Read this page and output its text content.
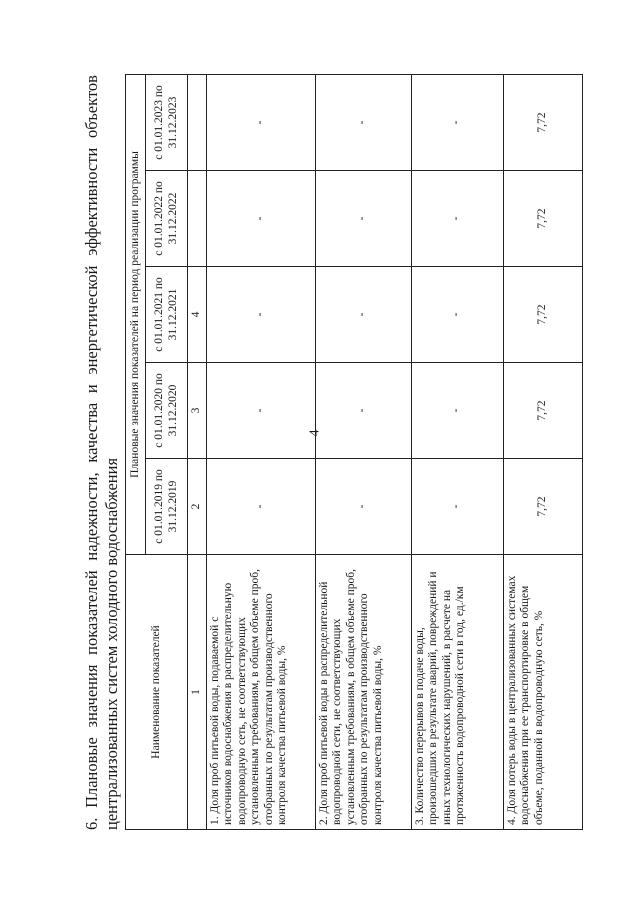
4
6.
Плановые
значения
показателей
надежности,
качества
и
энергетической
эффективности
объектов
централизованных систем холодного водоснабжения	Наименование показателей	Плановые значения показателей на период реализации программы				
	с 01.01.2019 по 31.12.2019	с 01.01.2020 по 31.12.2020	с 01.01.2021 по 31.12.2021	с 01.01.2022 по 31.12.2022	с 01.01.2023 по 31.12.2023
1	2	3	4		
1. Доля проб питьевой воды, подаваемой с источников водоснабжения в распределительную водопроводную сеть, не соответствующих установленным требованиям, в общем объеме проб, отобранных по результатам производственного контроля качества питьевой воды, %	-	-	-	-	-
2. Доля проб питьевой воды в распределительной водопроводной сети, не соответствующих установленным требованиям, в общем объеме проб, отобранных по результатам производственного контроля качества питьевой воды, %	-	-	-	-	-
3. Количество перерывов в подаче воды, произошедших в результате аварий, повреждений и иных технологических нарушений, в расчете на протяженность водопроводной сети в год, ед./км	-	-	-	-	-
4. Доля потерь воды в централизованных системах водоснабжения при ее транспортировке в общем объеме, поданной в водопроводную сеть, %	7,72	7,72	7,72	7,72	7,72
